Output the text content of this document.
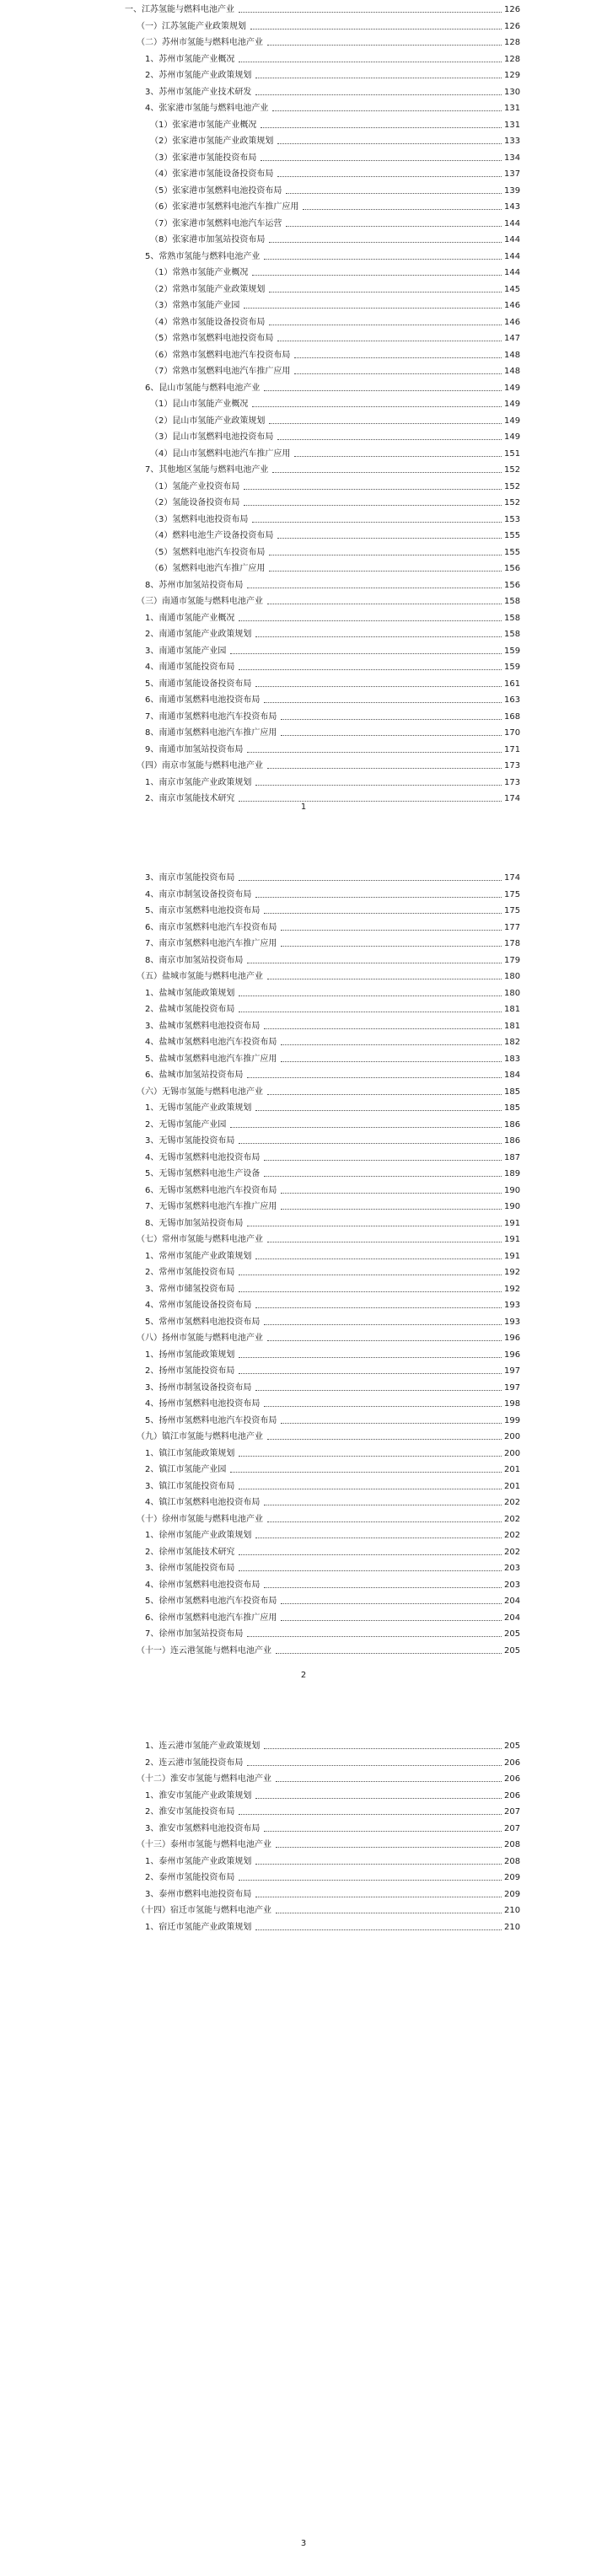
一、江苏氢能与燃料电池产业	126
（一）江苏氢能产业政策规划	126
（二）苏州市氢能与燃料电池产业	128
1、苏州市氢能产业概况	128
2、苏州市氢能产业政策规划	129
3、苏州市氢能产业技术研发	130
4、张家港市氢能与燃料电池产业	131
（1）张家港市氢能产业概况	131
（2）张家港市氢能产业政策规划	133
（3）张家港市氢能投资布局	134
（4）张家港市氢能设备投资布局	137
（5）张家港市氢燃料电池投资布局	139
（6）张家港市氢燃料电池汽车推广应用	143
（7）张家港市氢燃料电池汽车运营	144
（8）张家港市加氢站投资布局	144
5、常熟市氢能与燃料电池产业	144
（1）常熟市氢能产业概况	144
（2）常熟市氢能产业政策规划	145
（3）常熟市氢能产业园	146
（4）常熟市氢能设备投资布局	146
（5）常熟市氢燃料电池投资布局	147
（6）常熟市氢燃料电池汽车投资布局	148
（7）常熟市氢燃料电池汽车推广应用	148
6、昆山市氢能与燃料电池产业	149
（1）昆山市氢能产业概况	149
（2）昆山市氢能产业政策规划	149
（3）昆山市氢燃料电池投资布局	149
（4）昆山市氢燃料电池汽车推广应用	151
7、其他地区氢能与燃料电池产业	152
（1）氢能产业投资布局	152
（2）氢能设备投资布局	152
（3）氢燃料电池投资布局	153
（4）燃料电池生产设备投资布局	155
（5）氢燃料电池汽车投资布局	155
（6）氢燃料电池汽车推广应用	156
8、苏州市加氢站投资布局	156
（三）南通市氢能与燃料电池产业	158
1、南通市氢能产业概况	158
2、南通市氢能产业政策规划	158
3、南通市氢能产业园	159
4、南通市氢能投资布局	159
5、南通市氢能设备投资布局	161
6、南通市氢燃料电池投资布局	163
7、南通市氢燃料电池汽车投资布局	168
8、南通市氢燃料电池汽车推广应用	170
9、南通市加氢站投资布局	171
（四）南京市氢能与燃料电池产业	173
1、南京市氢能产业政策规划	173
2、南京市氢能技术研究	174
1
3、南京市氢能投资布局	174
4、南京市制氢设备投资布局	175
5、南京市氢燃料电池投资布局	175
6、南京市氢燃料电池汽车投资布局	177
7、南京市氢燃料电池汽车推广应用	178
8、南京市加氢站投资布局	179
（五）盐城市氢能与燃料电池产业	180
1、盐城市氢能政策规划	180
2、盐城市氢能投资布局	181
3、盐城市氢燃料电池投资布局	181
4、盐城市氢燃料电池汽车投资布局	182
5、盐城市氢燃料电池汽车推广应用	183
6、盐城市加氢站投资布局	184
（六）无锡市氢能与燃料电池产业	185
1、无锡市氢能产业政策规划	185
2、无锡市氢能产业园	186
3、无锡市氢能投资布局	186
4、无锡市氢燃料电池投资布局	187
5、无锡市氢燃料电池生产设备	189
6、无锡市氢燃料电池汽车投资布局	190
7、无锡市氢燃料电池汽车推广应用	190
8、无锡市加氢站投资布局	191
（七）常州市氢能与燃料电池产业	191
1、常州市氢能产业政策规划	191
2、常州市氢能投资布局	192
3、常州市储氢投资布局	192
4、常州市氢能设备投资布局	193
5、常州市氢燃料电池投资布局	193
（八）扬州市氢能与燃料电池产业	196
1、扬州市氢能政策规划	196
2、扬州市氢能投资布局	197
3、扬州市制氢设备投资布局	197
4、扬州市氢燃料电池投资布局	198
5、扬州市氢燃料电池汽车投资布局	199
（九）镇江市氢能与燃料电池产业	200
1、镇江市氢能政策规划	200
2、镇江市氢能产业园	201
3、镇江市氢能投资布局	201
4、镇江市氢燃料电池投资布局	202
（十）徐州市氢能与燃料电池产业	202
1、徐州市氢能产业政策规划	202
2、徐州市氢能技术研究	202
3、徐州市氢能投资布局	203
4、徐州市氢燃料电池投资布局	203
5、徐州市氢燃料电池汽车投资布局	204
6、徐州市氢燃料电池汽车推广应用	204
7、徐州市加氢站投资布局	205
（十一）连云港氢能与燃料电池产业	205
2
1、连云港市氢能产业政策规划	205
2、连云港市氢能投资布局	206
（十二）淮安市氢能与燃料电池产业	206
1、淮安市氢能产业政策规划	206
2、淮安市氢能投资布局	207
3、淮安市氢燃料电池投资布局	207
（十三）泰州市氢能与燃料电池产业	208
1、泰州市氢能产业政策规划	208
2、泰州市氢能投资布局	209
3、泰州市燃料电池投资布局	209
（十四）宿迁市氢能与燃料电池产业	210
1、宿迁市氢能产业政策规划	210
3
